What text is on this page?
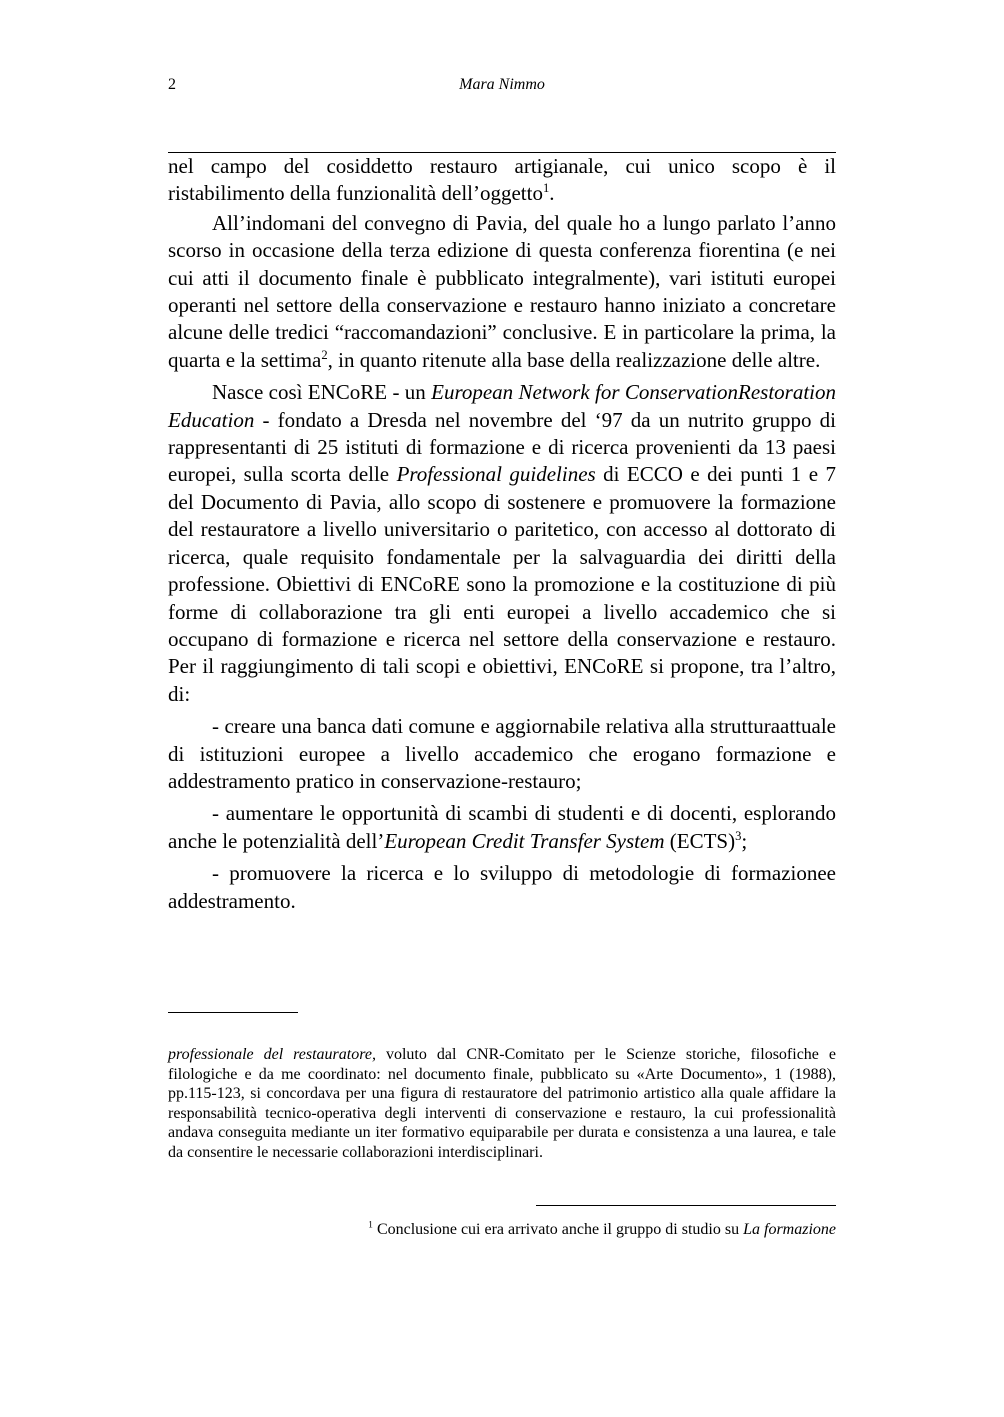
2	Mara Nimmo

nel campo del cosiddetto restauro artigianale, cui unico scopo è il ristabilimento della funzionalità dell’oggetto$^1$.

All’indomani del convegno di Pavia, del quale ho a lungo parlato l’anno scorso in occasione della terza edizione di questa conferenza fiorentina (e nei cui atti il documento finale è pubblicato integralmente), vari istituti europei operanti nel settore della conservazione e restauro hanno iniziato a concretare alcune delle tredici “raccomandazioni” conclusive. E in particolare la prima, la quarta e la settima$^2$, in quanto ritenute alla base della realizzazione delle altre.

Nasce così ENCoRE - un European Network for ConservationRestoration Education - fondato a Dresda nel novembre del ‘97 da un nutrito gruppo di rappresentanti di 25 istituti di formazione e di ricerca provenienti da 13 paesi europei, sulla scorta delle Professional guidelines di ECCO e dei punti 1 e 7 del Documento di Pavia, allo scopo di sostenere e promuovere la formazione del restauratore a livello universitario o paritetico, con accesso al dottorato di ricerca, quale requisito fondamentale per la salvaguardia dei diritti della professione. Obiettivi di ENCoRE sono la promozione e la costituzione di più forme di collaborazione tra gli enti europei a livello accademico che si occupano di formazione e ricerca nel settore della conservazione e restauro. Per il raggiungimento di tali scopi e obiettivi, ENCoRE si propone, tra l’altro, di:

- creare una banca dati comune e aggiornabile relativa alla strutturaattuale di istituzioni europee a livello accademico che erogano formazione e addestramento pratico in conservazione-restauro;

- aumentare le opportunità di scambi di studenti e di docenti, esplorando anche le potenzialità dell’European Credit Transfer System (ECTS)$^3$;

- promuovere la ricerca e lo sviluppo di metodologie di formazionee addestramento.

professionale del restauratore, voluto dal CNR-Comitato per le Scienze storiche, filosofiche e filologiche e da me coordinato: nel documento finale, pubblicato su «Arte Documento», 1 (1988), pp.115-123, si concordava per una figura di restauratore del patrimonio artistico alla quale affidare la responsabilità tecnico-operativa degli interventi di conservazione e restauro, la cui professionalità andava conseguita mediante un iter formativo equiparabile per durata e consistenza a una laurea, e tale da consentire le necessarie collaborazioni interdisciplinari.
$^1$ Conclusione cui era arrivato anche il gruppo di studio su La formazione
